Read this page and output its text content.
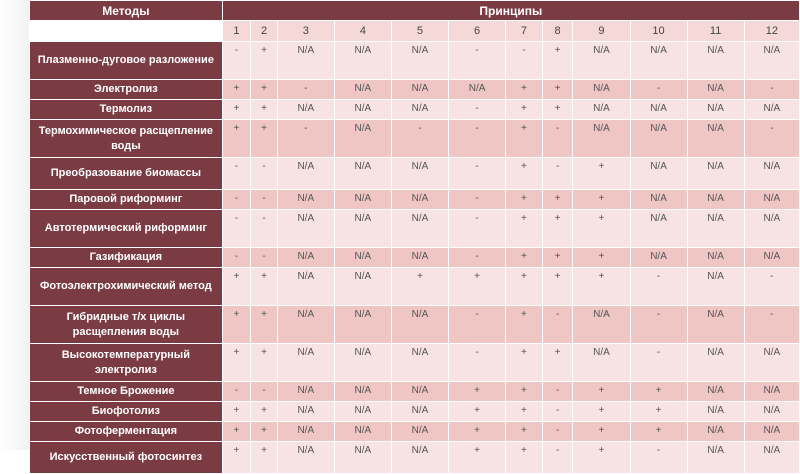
Методы	Принципы											
	1	2	3	4	5	6	7	8	9	10	11	12
Плазменно-дуговое разложение	-	+	N/A	N/A	N/A	-	-	+	N/A	N/A	N/A	N/A
Электролиз	+	+	-	N/A	N/A	N/A	+	+	N/A	-	N/A	-
Термолиз	+	+	N/A	N/A	N/A	-	+	+	N/A	N/A	N/A	N/A
Термохимическое расщепление воды	+	+	-	N/A	-	-	+	-	N/A	N/A	N/A	-
Преобразование биомассы	-	-	N/A	N/A	N/A	-	+	-	+	N/A	N/A	N/A
Паровой риформинг	-	-	N/A	N/A	N/A	-	+	+	+	N/A	N/A	N/A
Автотермический риформинг	-	-	N/A	N/A	N/A	-	+	+	+	N/A	N/A	N/A
Газификация	-	-	N/A	N/A	N/A	-	+	+	+	N/A	N/A	N/A
Фотоэлектрохимический метод	+	+	N/A	N/A	+	+	+	+	+	-	N/A	-
Гибридные т/х циклы расщепления воды	+	+	N/A	N/A	N/A	-	+	-	N/A	-	N/A	-
Высокотемпературный электролиз	+	+	N/A	N/A	N/A	-	+	+	N/A	-	N/A	N/A
Темное Брожение	-	-	N/A	N/A	N/A	+	+	-	+	+	N/A	N/A
Биофотолиз	+	+	N/A	N/A	N/A	+	+	-	+	+	N/A	N/A
Фотоферментация	+	+	N/A	N/A	N/A	+	+	-	+	+	N/A	N/A
Искусственный фотосинтез	+	+	N/A	N/A	N/A	+	+	-	+	-	N/A	N/A
